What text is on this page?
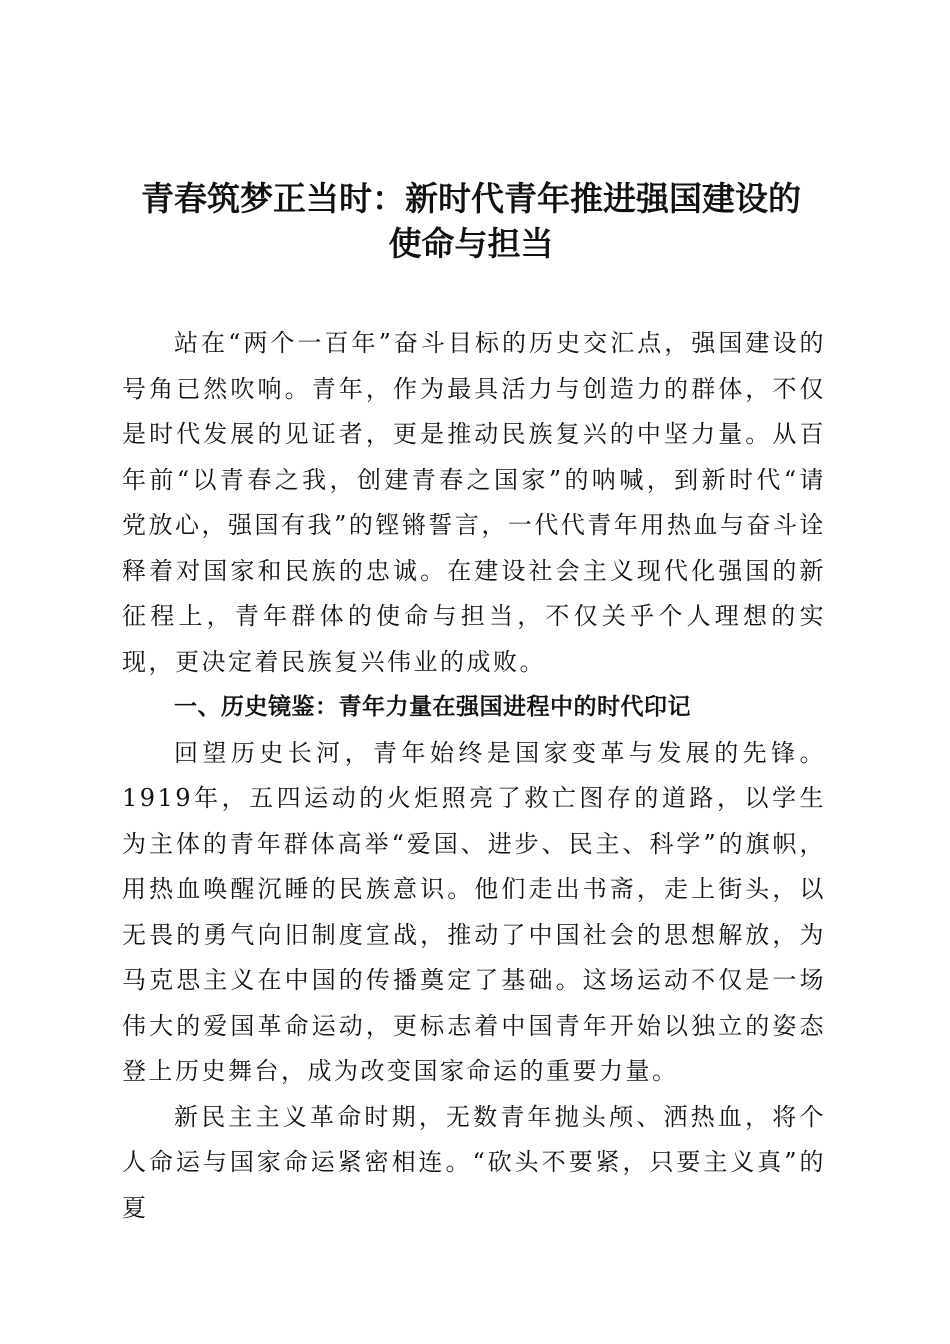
青春筑梦正当时：新时代青年推进强国建设的
使命与担当

站在“两个一百年”奋斗目标的历史交汇点，强国建设的号角已然吹响。青年，作为最具活力与创造力的群体，不仅是时代发展的见证者，更是推动民族复兴的中坚力量。从百年前“以青春之我，创建青春之国家”的呐喊，到新时代“请党放心，强国有我”的铿锵誓言，一代代青年用热血与奋斗诠释着对国家和民族的忠诚。在建设社会主义现代化强国的新征程上，青年群体的使命与担当，不仅关乎个人理想的实现，更决定着民族复兴伟业的成败。

一、历史镜鉴：青年力量在强国进程中的时代印记

回望历史长河，青年始终是国家变革与发展的先锋。1919年，五四运动的火炬照亮了救亡图存的道路，以学生为主体的青年群体高举“爱国、进步、民主、科学”的旗帜，用热血唤醒沉睡的民族意识。他们走出书斋，走上街头，以无畏的勇气向旧制度宣战，推动了中国社会的思想解放，为马克思主义在中国的传播奠定了基础。这场运动不仅是一场伟大的爱国革命运动，更标志着中国青年开始以独立的姿态登上历史舞台，成为改变国家命运的重要力量。

新民主主义革命时期，无数青年抛头颅、洒热血，将个人命运与国家命运紧密相连。“砍头不要紧，只要主义真”的夏
